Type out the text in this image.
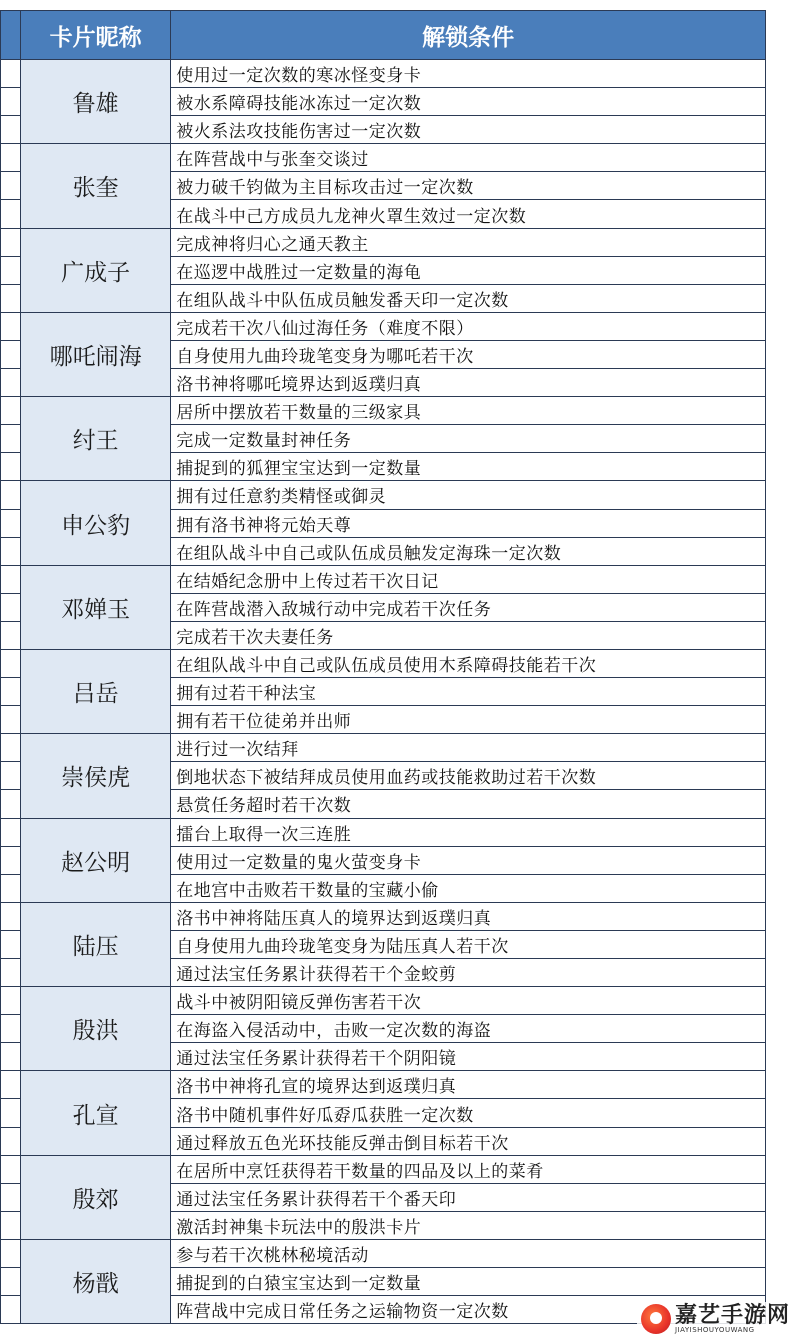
	卡片昵称	解锁条件
	鲁雄	使用过一定次数的寒冰怪变身卡
		被水系障碍技能冰冻过一定次数
		被火系法攻技能伤害过一定次数
	张奎	在阵营战中与张奎交谈过
		被力破千钧做为主目标攻击过一定次数
		在战斗中己方成员九龙神火罩生效过一定次数
	广成子	完成神将归心之通天教主
		在巡逻中战胜过一定数量的海龟
		在组队战斗中队伍成员触发番天印一定次数
	哪吒闹海	完成若干次八仙过海任务（难度不限）
		自身使用九曲玲珑笔变身为哪吒若干次
		洛书神将哪吒境界达到返璞归真
	纣王	居所中摆放若干数量的三级家具
		完成一定数量封神任务
		捕捉到的狐狸宝宝达到一定数量
	申公豹	拥有过任意豹类精怪或御灵
		拥有洛书神将元始天尊
		在组队战斗中自己或队伍成员触发定海珠一定次数
	邓婵玉	在结婚纪念册中上传过若干次日记
		在阵营战潜入敌城行动中完成若干次任务
		完成若干次夫妻任务
	吕岳	在组队战斗中自己或队伍成员使用木系障碍技能若干次
		拥有过若干种法宝
		拥有若干位徒弟并出师
	崇侯虎	进行过一次结拜
		倒地状态下被结拜成员使用血药或技能救助过若干次数
		悬赏任务超时若干次数
	赵公明	擂台上取得一次三连胜
		使用过一定数量的鬼火萤变身卡
		在地宫中击败若干数量的宝藏小偷
	陆压	洛书中神将陆压真人的境界达到返璞归真
		自身使用九曲玲珑笔变身为陆压真人若干次
		通过法宝任务累计获得若干个金蛟剪
	殷洪	战斗中被阴阳镜反弹伤害若干次
		在海盗入侵活动中，击败一定次数的海盗
		通过法宝任务累计获得若干个阴阳镜
	孔宣	洛书中神将孔宣的境界达到返璞归真
		洛书中随机事件好瓜孬瓜获胜一定次数
		通过释放五色光环技能反弹击倒目标若干次
	殷郊	在居所中烹饪获得若干数量的四品及以上的菜肴
		通过法宝任务累计获得若干个番天印
		激活封神集卡玩法中的殷洪卡片
	杨戬	参与若干次桃林秘境活动
		捕捉到的白猿宝宝达到一定数量
		阵营战中完成日常任务之运输物资一定次数	嘉艺手游网
JIAYISHOUYOUWANG
